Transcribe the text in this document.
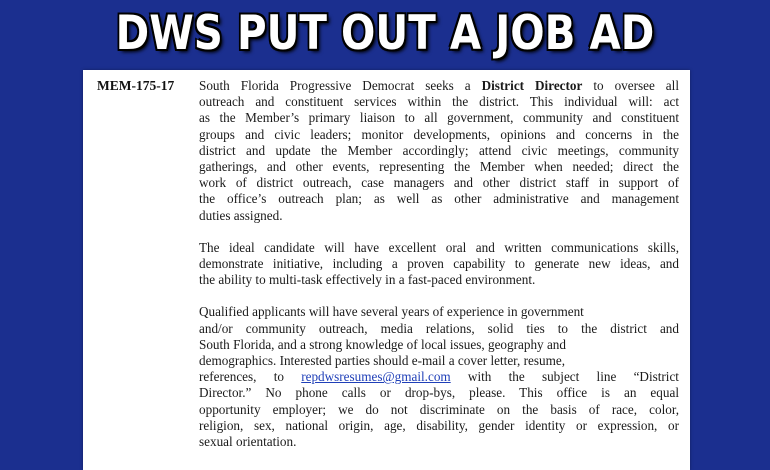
DWS PUT OUT A JOB AD
MEM-175-17 South Florida Progressive Democrat seeks a District Director to oversee all
outreach and constituent services within the district. This individual will: act
as the Member’s primary liaison to all government, community and constituent
groups and civic leaders; monitor developments, opinions and concerns in the
district and update the Member accordingly; attend civic meetings, community
gatherings, and other events, representing the Member when needed; direct the
work of district outreach, case managers and other district staff in support of
the office’s outreach plan; as well as other administrative and management
duties assigned.
The ideal candidate will have excellent oral and written communications skills,
demonstrate initiative, including a proven capability to generate new ideas, and
the ability to multi-task effectively in a fast-paced environment.
Qualified applicants will have several years of experience in government
and/or community outreach, media relations, solid ties to the district and
South Florida, and a strong knowledge of local issues, geography and
demographics. Interested parties should e-mail a cover letter, resume,
references, to repdwsresumes@gmail.com with the subject line “District
Director.” No phone calls or drop-bys, please. This office is an equal
opportunity employer; we do not discriminate on the basis of race, color,
religion, sex, national origin, age, disability, gender identity or expression, or
sexual orientation.
